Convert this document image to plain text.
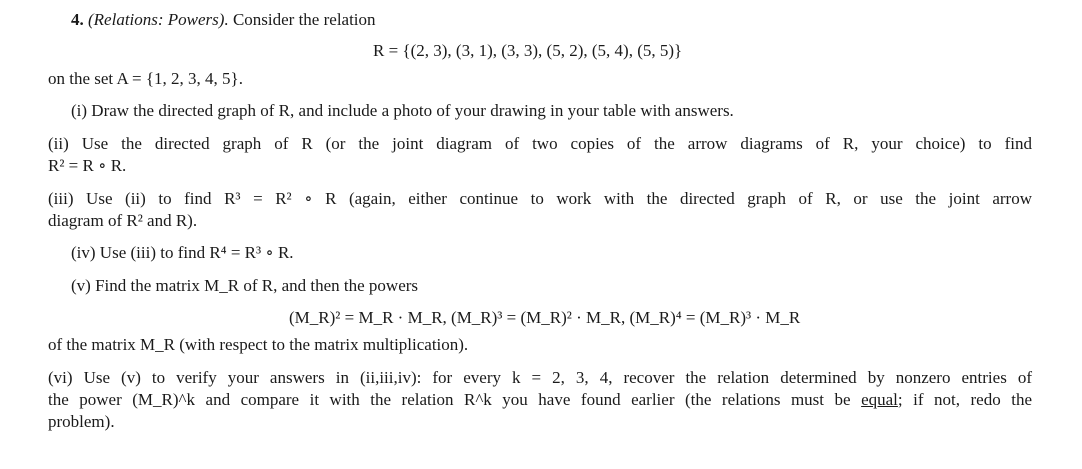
4. (Relations: Powers). Consider the relation
R = {(2, 3), (3, 1), (3, 3), (5, 2), (5, 4), (5, 5)}
on the set A = {1, 2, 3, 4, 5}.
(i) Draw the directed graph of R, and include a photo of your drawing in your table with answers.
(ii) Use the directed graph of R (or the joint diagram of two copies of the arrow diagrams of R, your choice) to find
R² = R ∘ R.
(iii) Use (ii) to find R³ = R² ∘ R (again, either continue to work with the directed graph of R, or use the joint arrow
diagram of R² and R).
(iv) Use (iii) to find R⁴ = R³ ∘ R.
(v) Find the matrix M_R of R, and then the powers
(M_R)² = M_R · M_R, (M_R)³ = (M_R)² · M_R, (M_R)⁴ = (M_R)³ · M_R
of the matrix M_R (with respect to the matrix multiplication).
(vi) Use (v) to verify your answers in (ii,iii,iv): for every k = 2, 3, 4, recover the relation determined by nonzero entries of
the power (M_R)^k and compare it with the relation R^k you have found earlier (the relations must be equal; if not, redo the
problem).
